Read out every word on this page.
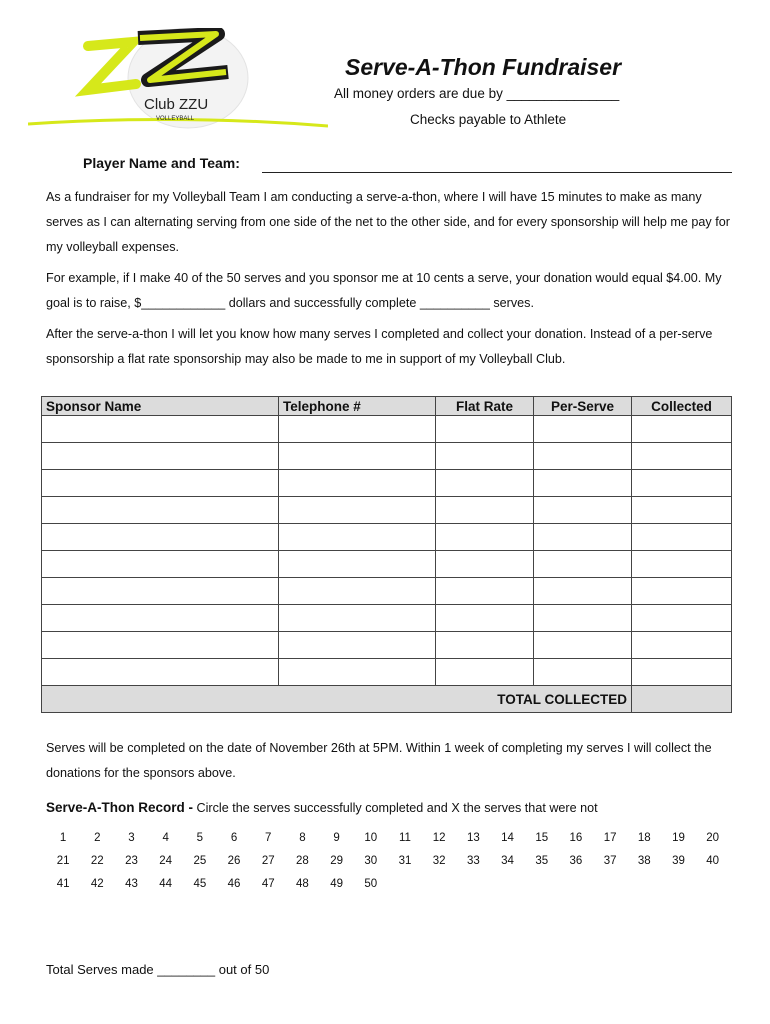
Club ZZU
VOLLEYBALL
Serve-A-Thon Fundraiser
All money orders are due by _______________
Checks payable to Athlete
Player Name and Team:

As a fundraiser for my Volleyball Team I am conducting a serve-a-thon, where I will have 15 minutes to make as many serves as I can alternating serving from one side of the net to the other side, and for every sponsorship will help me pay for my volleyball expenses.

For example, if I make 40 of the 50 serves and you sponsor me at 10 cents a serve, your donation would equal $4.00. My goal is to raise, $____________ dollars and successfully complete __________ serves.

After the serve-a-thon I will let you know how many serves I completed and collect your donation. Instead of a per-serve sponsorship a flat rate sponsorship may also be made to me in support of my Volleyball Club.

Sponsor Name	Telephone #	Flat Rate	Per-Serve	Collected

TOTAL COLLECTED				

Serves will be completed on the date of November 26th at 5PM. Within 1 week of completing my serves I will collect the donations for the sponsors above.

Serve-A-Thon Record - Circle the serves successfully completed and X the serves that were not

1	2	3	4	5	6	7	8	9	10	11	12	13	14	15	16	17	18	19	20
21	22	23	24	25	26	27	28	29	30	31	32	33	34	35	36	37	38	39	40
41	42	43	44	45	46	47	48	49	50
Total Serves made ________ out of 50
